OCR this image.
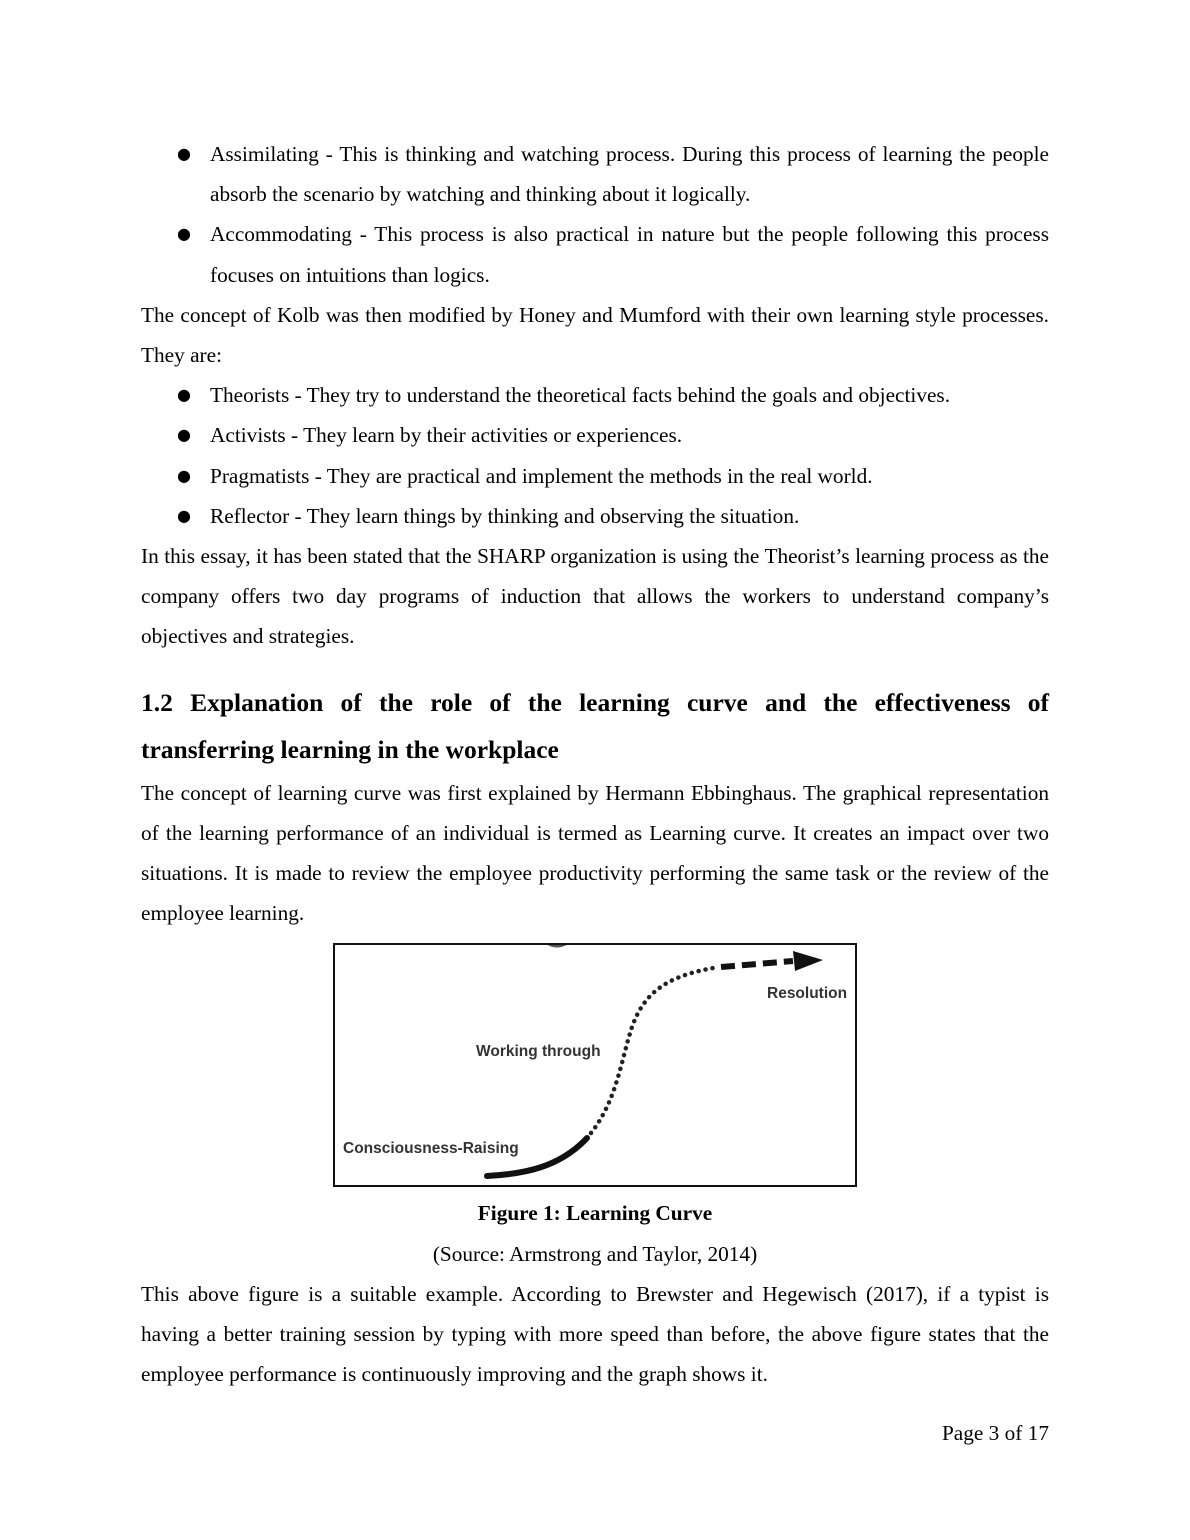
● Assimilating - This is thinking and watching process. During this process of learning the people absorb the scenario by watching and thinking about it logically.
● Accommodating - This process is also practical in nature but the people following this process focuses on intuitions than logics.

The concept of Kolb was then modified by Honey and Mumford with their own learning style processes. They are:

● Theorists - They try to understand the theoretical facts behind the goals and objectives.
● Activists - They learn by their activities or experiences.
● Pragmatists - They are practical and implement the methods in the real world.
● Reflector - They learn things by thinking and observing the situation.

In this essay, it has been stated that the SHARP organization is using the Theorist’s learning process as the company offers two day programs of induction that allows the workers to understand company’s objectives and strategies.

1.2 Explanation of the role of the learning curve and the effectiveness of transferring learning in the workplace

The concept of learning curve was first explained by Hermann Ebbinghaus. The graphical representation of the learning performance of an individual is termed as Learning curve. It creates an impact over two situations. It is made to review the employee productivity performing the same task or the review of the employee learning.

Resolution
Working through
Consciousness-Raising
Figure 1: Learning Curve
(Source: Armstrong and Taylor, 2014)

This above figure is a suitable example. According to Brewster and Hegewisch (2017), if a typist is having a better training session by typing with more speed than before, the above figure states that the employee performance is continuously improving and the graph shows it.

Page 3 of 17
